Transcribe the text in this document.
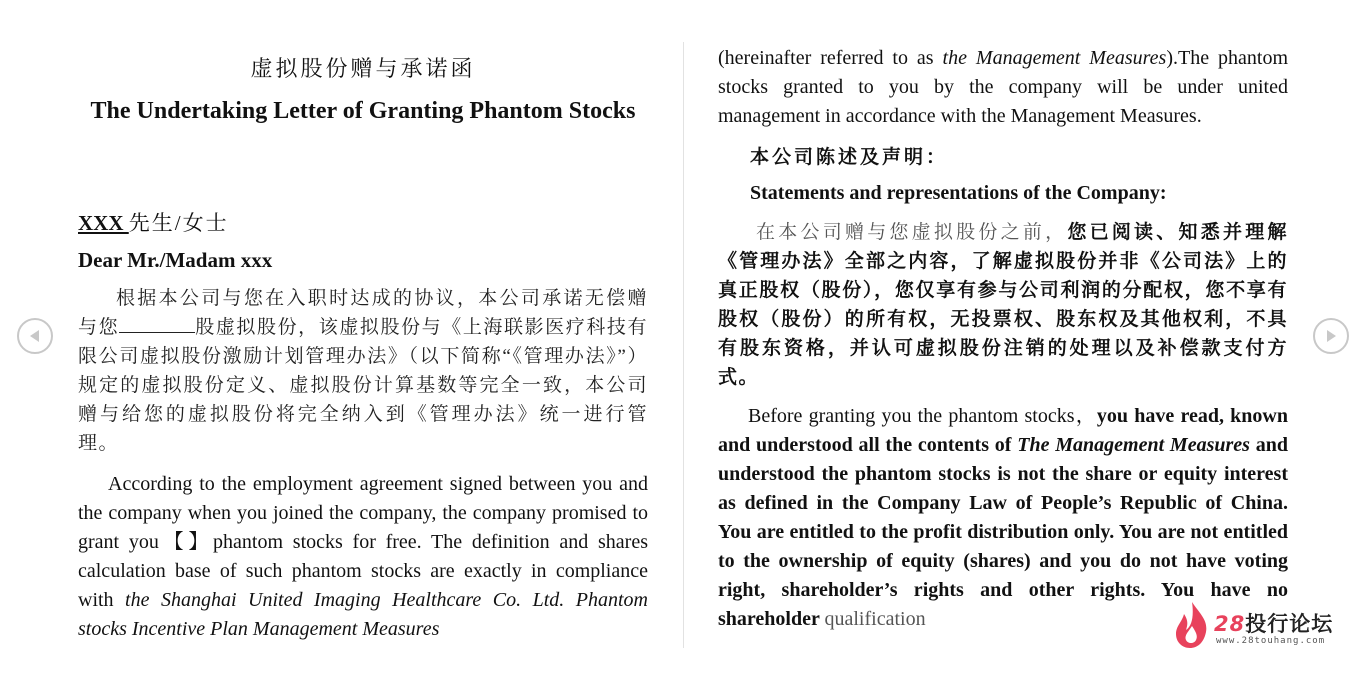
虚拟股份赠与承诺函
The Undertaking Letter of Granting Phantom Stocks
XXX 先生/女士
Dear Mr./Madam xxx

根据本公司与您在入职时达成的协议，本公司承诺无偿赠与您	股虚拟股份，该虚拟股份与《上海联影医疗科技有限公司虚拟股份激励计划管理办法》（以下简称“《管理办法》”）规定的虚拟股份定义、虚拟股份计算基数等完全一致，本公司赠与给您的虚拟股份将完全纳入到《管理办法》统一进行管理。

According to the employment agreement signed between you and the company when you joined the company, the company promised to grant you【】phantom stocks for free. The definition and shares calculation base of such phantom stocks are exactly in compliance with the Shanghai United Imaging Healthcare Co. Ltd. Phantom stocks Incentive Plan Management Measures

(hereinafter referred to as the Management Measures).The phantom stocks granted to you by the company will be under united management in accordance with the Management Measures.

本公司陈述及声明：
Statements and representations of the Company:

在本公司赠与您虚拟股份之前，您已阅读、知悉并理解《管理办法》全部之内容，了解虚拟股份并非《公司法》上的真正股权（股份），您仅享有参与公司利润的分配权，您不享有股权（股份）的所有权，无投票权、股东权及其他权利，不具有股东资格，并认可虚拟股份注销的处理以及补偿款支付方式。

Before granting you the phantom stocks，you have read, known and understood all the contents of The Management Measures and understood the phantom stocks is not the share or equity interest as defined in the Company Law of People’s Republic of China. You are entitled to the profit distribution only. You are not entitled to the ownership of equity (shares) and you do not have voting right, shareholder’s rights and other rights. You have no shareholder qualification	28投行论坛
www.28touhang.com
